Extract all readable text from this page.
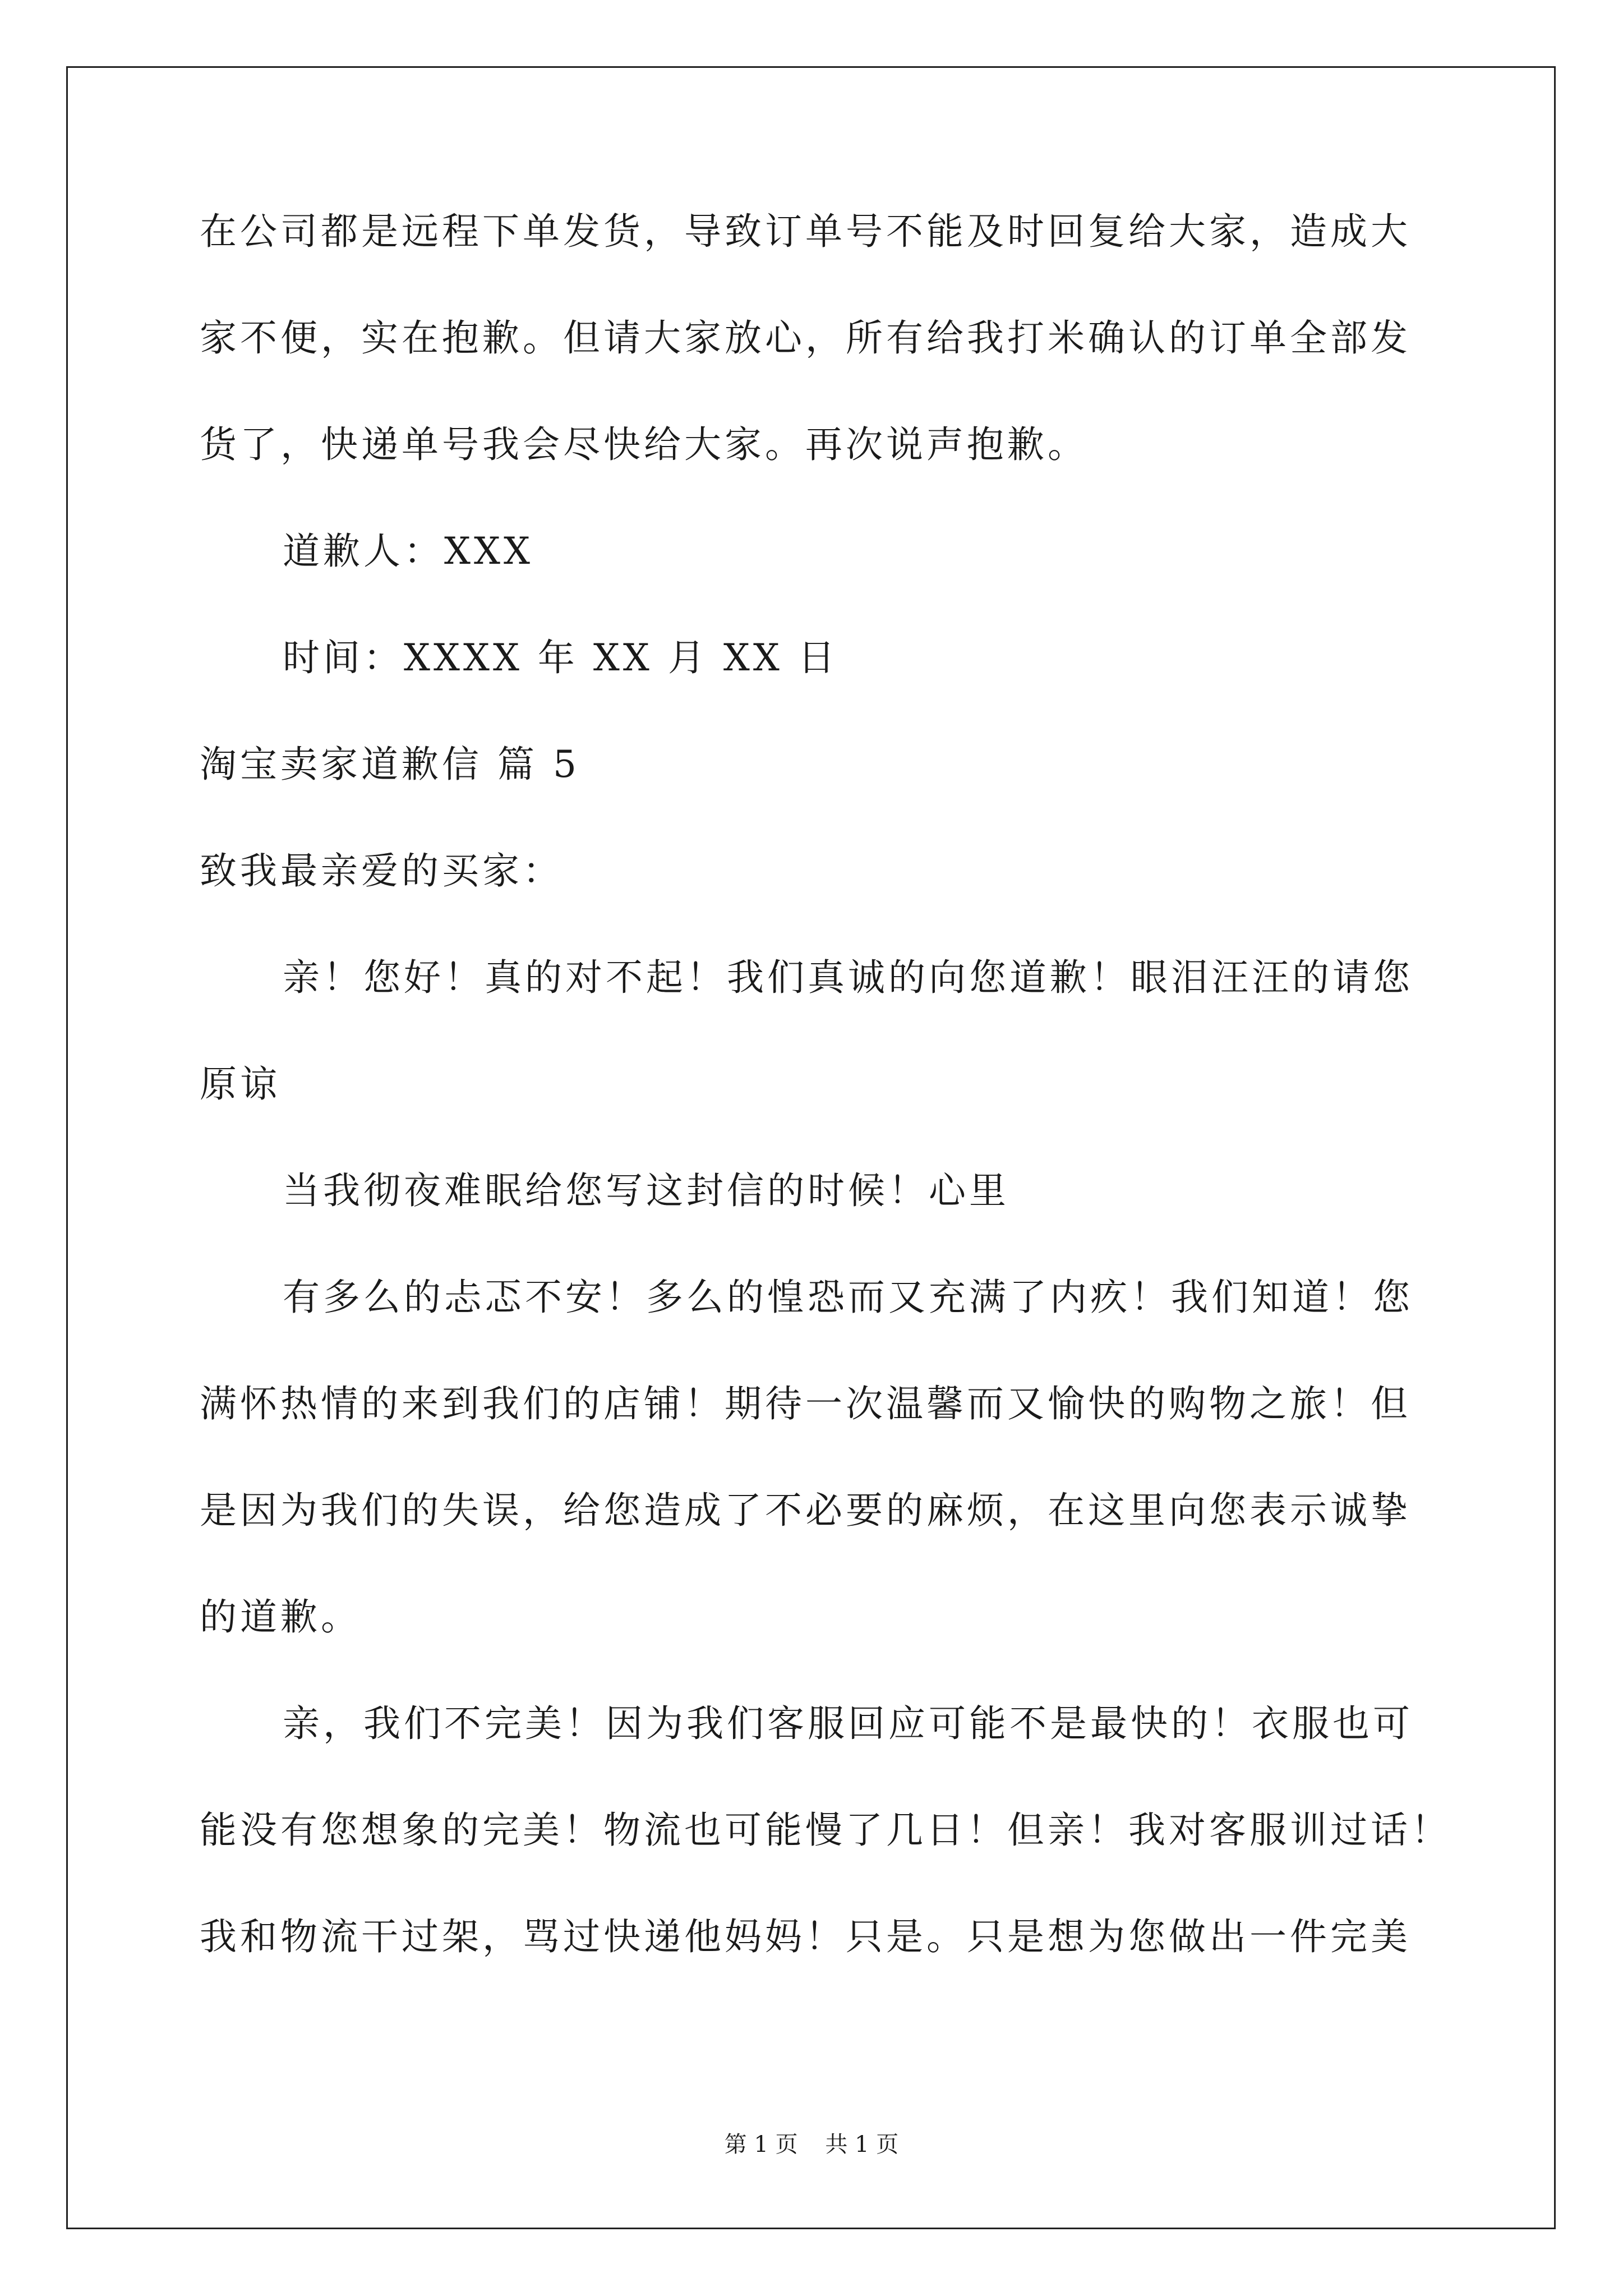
在公司都是远程下单发货，导致订单号不能及时回复给大家，造成大
家不便，实在抱歉。但请大家放心，所有给我打米确认的订单全部发
货了，快递单号我会尽快给大家。再次说声抱歉。
道歉人：XXX
时间：XXXX 年 XX 月 XX 日
淘宝卖家道歉信 篇 5
致我最亲爱的买家：
亲！您好！真的对不起！我们真诚的向您道歉！眼泪汪汪的请您
原谅
当我彻夜难眠给您写这封信的时候！心里
有多么的忐忑不安！多么的惶恐而又充满了内疚！我们知道！您
满怀热情的来到我们的店铺！期待一次温馨而又愉快的购物之旅！但
是因为我们的失误，给您造成了不必要的麻烦，在这里向您表示诚挚
的道歉。
亲，我们不完美！因为我们客服回应可能不是最快的！衣服也可
能没有您想象的完美！物流也可能慢了几日！但亲！我对客服训过话！
我和物流干过架，骂过快递他妈妈！只是。只是想为您做出一件完美
第 1 页 共 1 页
